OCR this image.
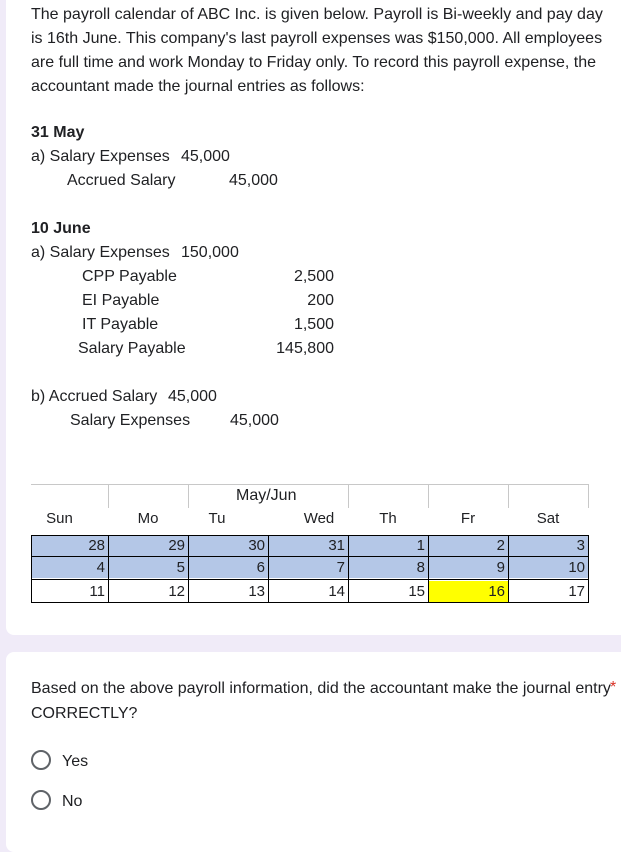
The payroll calendar of ABC Inc. is given below. Payroll is Bi-weekly and pay day is 16th June. This company's last payroll expenses was $150,000. All employees are full time and work Monday to Friday only. To record this payroll expense, the accountant made the journal entries as follows:
31 May
a) Salary Expenses 45,000
Accrued Salary	45,000
10 June
a) Salary Expenses 150,000
CPP Payable	2,500
EI Payable	200
IT Payable	1,500
Salary Payable	145,800
b) Accrued Salary 45,000
Salary Expenses 45,000
May/Jun
Sun	Mo	Tu	Wed	Th	Fr	Sat
28	29	30	31	1	2	3
4	5	6	7	8	9	10
11	12	13	14	15	16	17
Based on the above payroll information, did the accountant make the journal entry CORRECTLY?
*
Yes
No
